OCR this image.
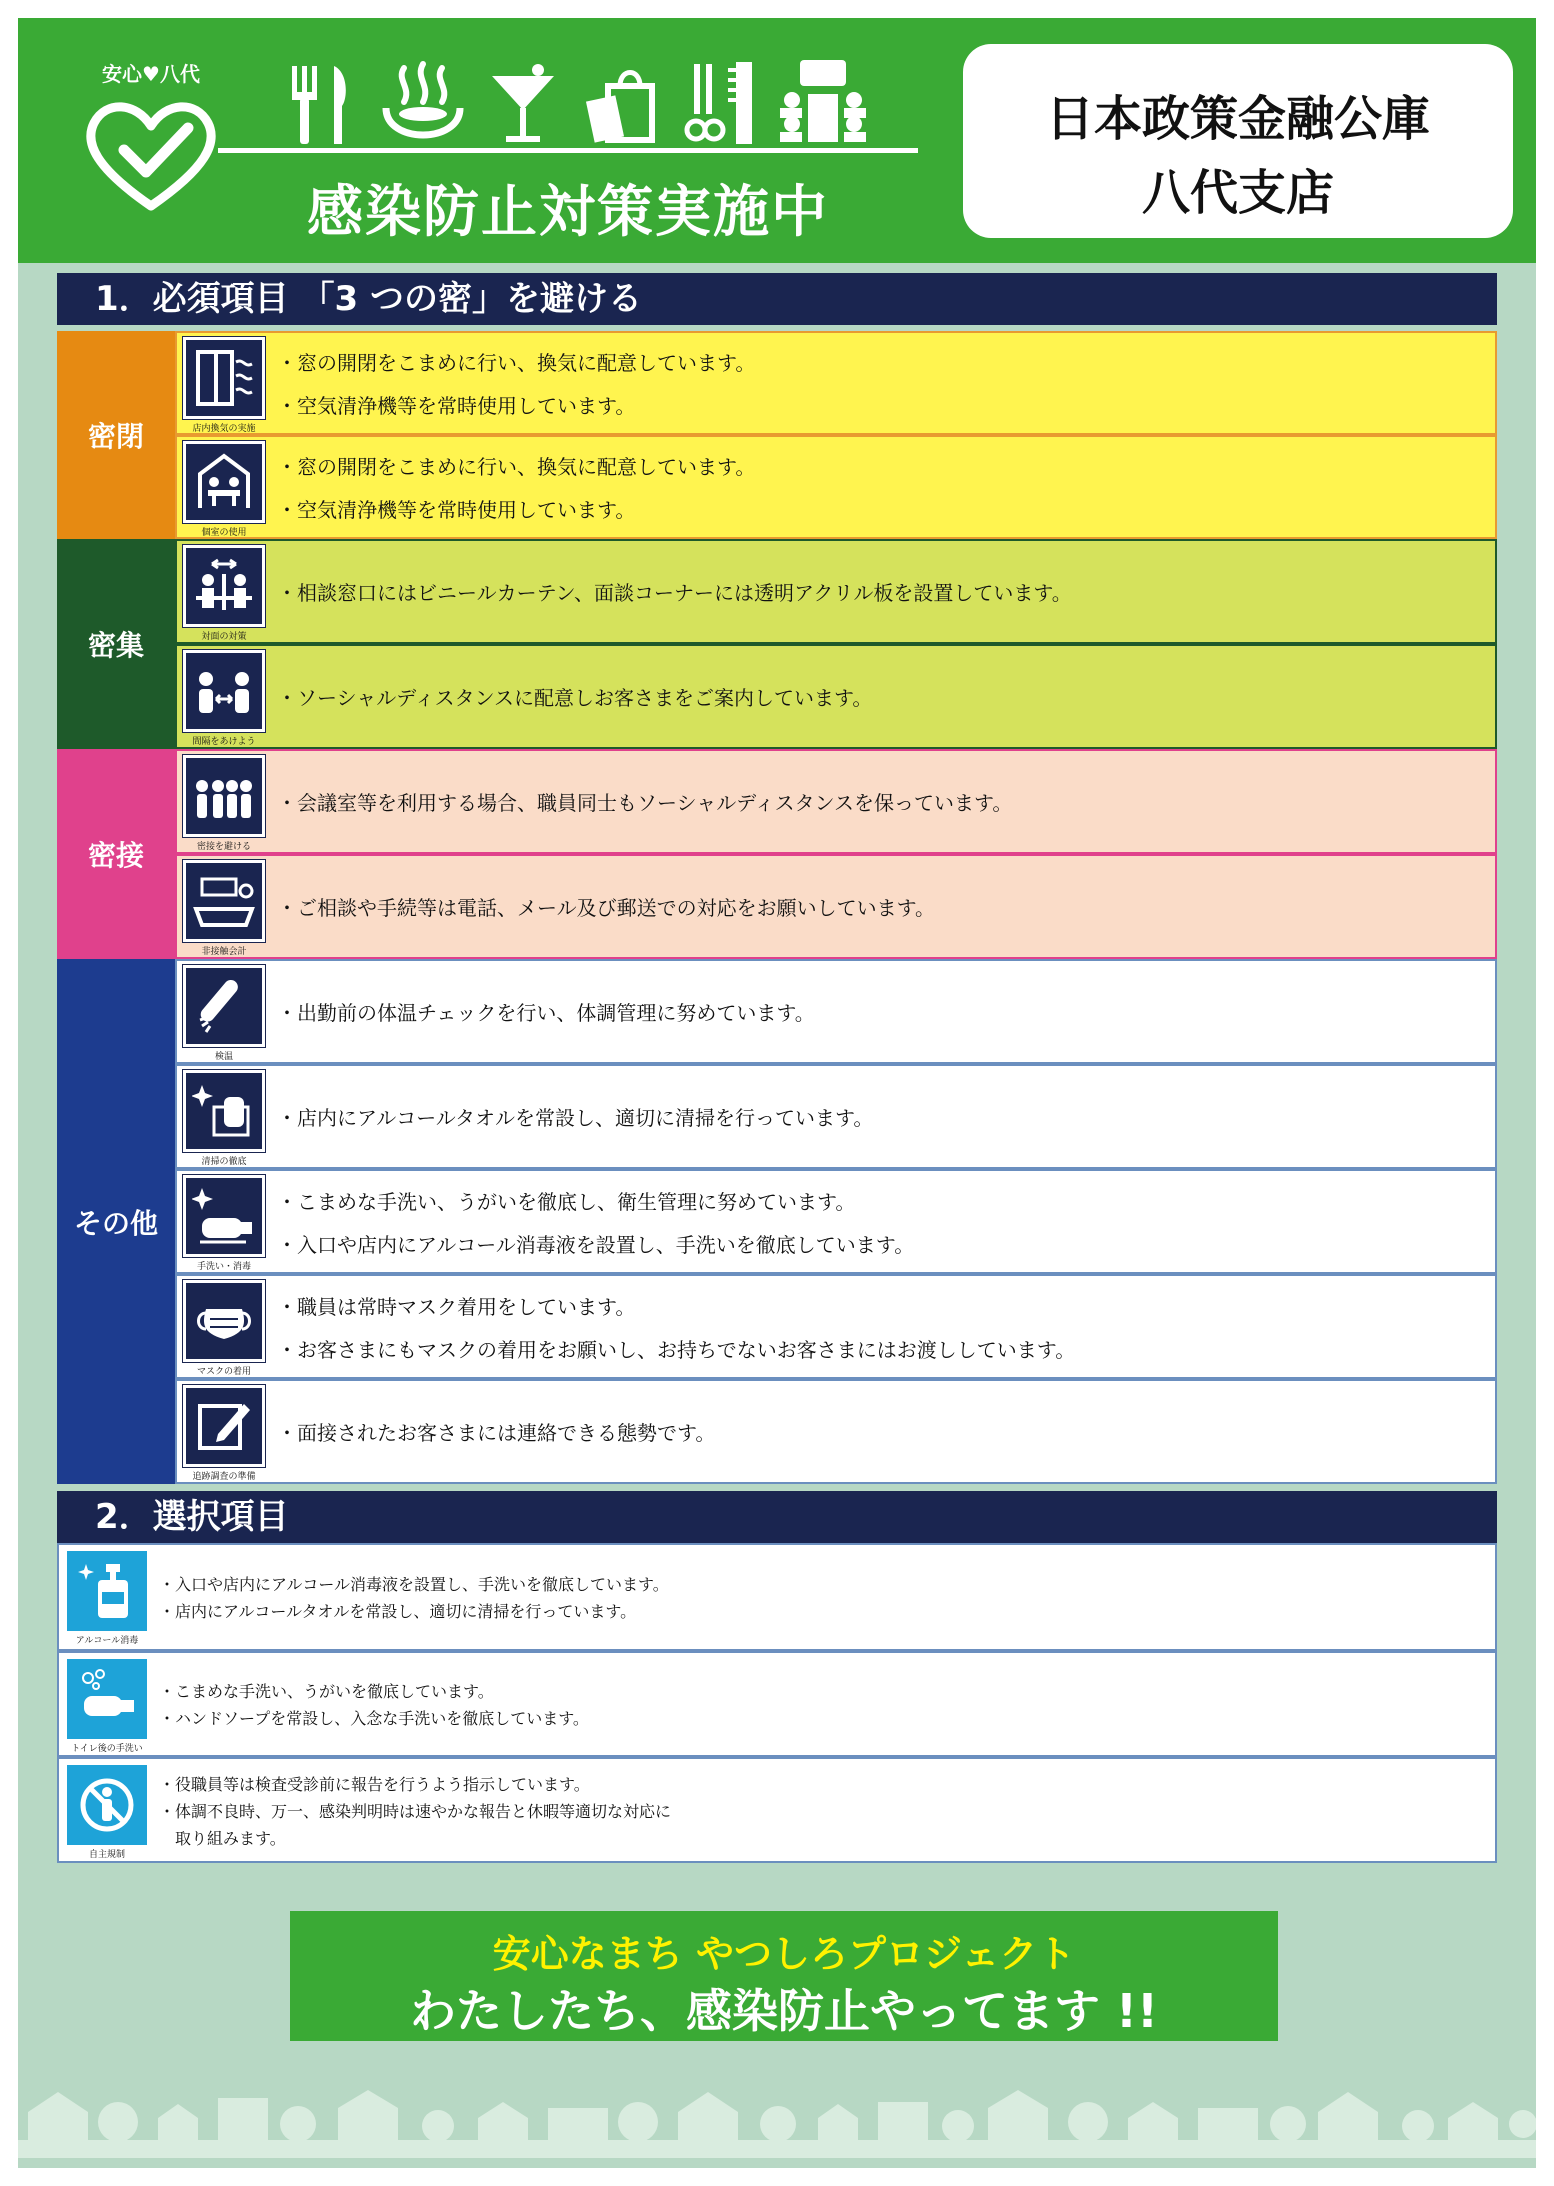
安心♥八代
感染防止対策実施中
日本政策金融公庫
八代支店
1．必須項目 「3 つの密」を避ける
密閉	店内換気の実施
・窓の開閉をこまめに行い、換気に配意しています。
・空気清浄機等を常時使用しています。
個室の使用
・窓の開閉をこまめに行い、換気に配意しています。
・空気清浄機等を常時使用しています。
密集	対面の対策
・相談窓口にはビニールカーテン、面談コーナーには透明アクリル板を設置しています。
間隔をあけよう
・ソーシャルディスタンスに配意しお客さまをご案内しています。
密接	密接を避ける
・会議室等を利用する場合、職員同士もソーシャルディスタンスを保っています。
非接触会計
・ご相談や手続等は電話、メール及び郵送での対応をお願いしています。
その他
検温
・出勤前の体温チェックを行い、体調管理に努めています。
清掃の徹底
・店内にアルコールタオルを常設し、適切に清掃を行っています。
手洗い・消毒
・こまめな手洗い、うがいを徹底し、衛生管理に努めています。
・入口や店内にアルコール消毒液を設置し、手洗いを徹底しています。
マスクの着用
・職員は常時マスク着用をしています。
・お客さまにもマスクの着用をお願いし、お持ちでないお客さまにはお渡ししています。
追跡調査の準備
・面接されたお客さまには連絡できる態勢です。
2．選択項目
アルコール消毒
・入口や店内にアルコール消毒液を設置し、手洗いを徹底しています。
・店内にアルコールタオルを常設し、適切に清掃を行っています。
トイレ後の手洗い
・こまめな手洗い、うがいを徹底しています。
・ハンドソープを常設し、入念な手洗いを徹底しています。
自主規制
・役職員等は検査受診前に報告を行うよう指示しています。
・体調不良時、万一、感染判明時は速やかな報告と休暇等適切な対応に
　取り組みます。
安心なまち やつしろプロジェクト
わたしたち、感染防止やってます !!
